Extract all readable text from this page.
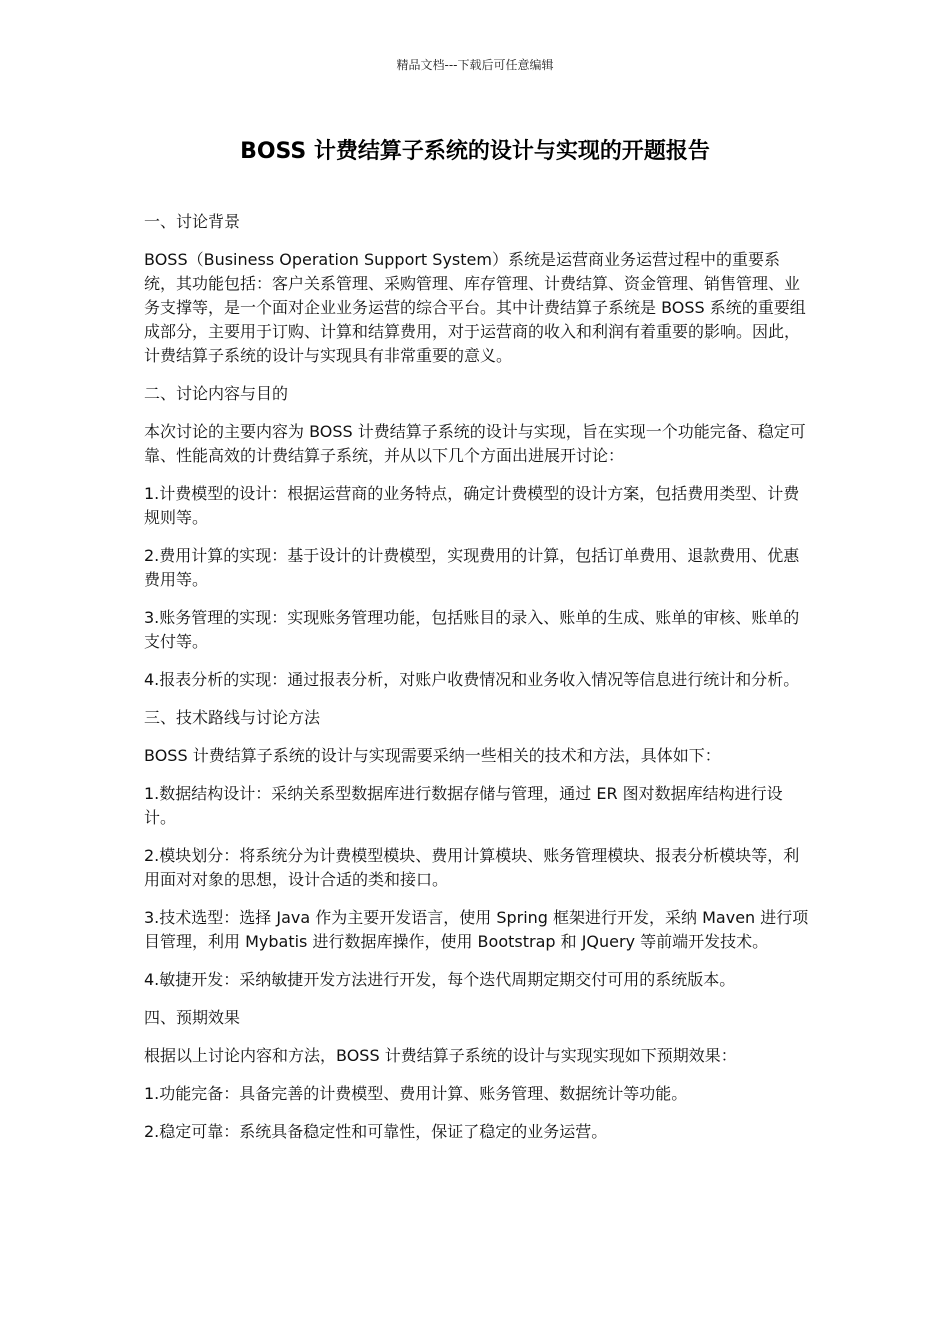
精品文档---下载后可任意编辑
BOSS 计费结算子系统的设计与实现的开题报告

一、讨论背景

BOSS（Business Operation Support System）系统是运营商业务运营过程中的重要系统，其功能包括：客户关系管理、采购管理、库存管理、计费结算、资金管理、销售管理、业务支撑等，是一个面对企业业务运营的综合平台。其中计费结算子系统是 BOSS 系统的重要组成部分，主要用于订购、计算和结算费用，对于运营商的收入和利润有着重要的影响。因此，计费结算子系统的设计与实现具有非常重要的意义。

二、讨论内容与目的

本次讨论的主要内容为 BOSS 计费结算子系统的设计与实现，旨在实现一个功能完备、稳定可靠、性能高效的计费结算子系统，并从以下几个方面出进展开讨论：

1.计费模型的设计：根据运营商的业务特点，确定计费模型的设计方案，包括费用类型、计费规则等。

2.费用计算的实现：基于设计的计费模型，实现费用的计算，包括订单费用、退款费用、优惠费用等。

3.账务管理的实现：实现账务管理功能，包括账目的录入、账单的生成、账单的审核、账单的支付等。

4.报表分析的实现：通过报表分析，对账户收费情况和业务收入情况等信息进行统计和分析。

三、技术路线与讨论方法

BOSS 计费结算子系统的设计与实现需要采纳一些相关的技术和方法，具体如下：

1.数据结构设计：采纳关系型数据库进行数据存储与管理，通过 ER 图对数据库结构进行设计。

2.模块划分：将系统分为计费模型模块、费用计算模块、账务管理模块、报表分析模块等，利用面对对象的思想，设计合适的类和接口。

3.技术选型：选择 Java 作为主要开发语言，使用 Spring 框架进行开发，采纳 Maven 进行项目管理，利用 Mybatis 进行数据库操作，使用 Bootstrap 和 JQuery 等前端开发技术。

4.敏捷开发：采纳敏捷开发方法进行开发，每个迭代周期定期交付可用的系统版本。

四、预期效果

根据以上讨论内容和方法，BOSS 计费结算子系统的设计与实现实现如下预期效果：

1.功能完备：具备完善的计费模型、费用计算、账务管理、数据统计等功能。

2.稳定可靠：系统具备稳定性和可靠性，保证了稳定的业务运营。
